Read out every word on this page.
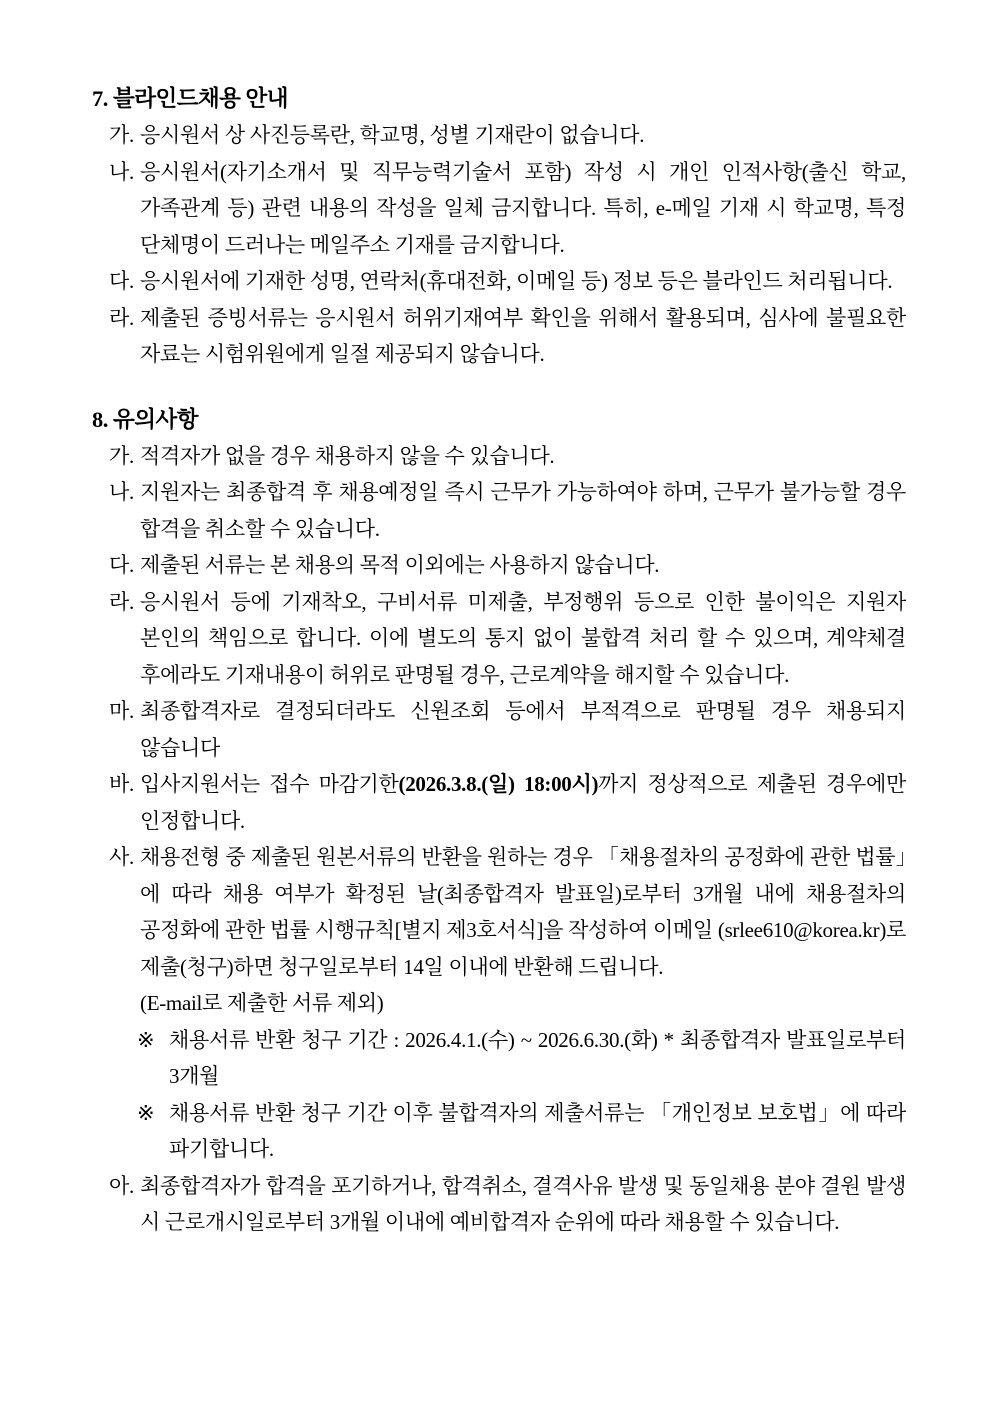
7. 블라인드채용 안내
가. 응시원서 상 사진등록란, 학교명, 성별 기재란이 없습니다.
나. 응시원서(자기소개서 및 직무능력기술서 포함) 작성 시 개인 인적사항(출신 학교, 가족관계 등) 관련 내용의 작성을 일체 금지합니다. 특히, e-메일 기재 시 학교명, 특정 단체명이 드러나는 메일주소 기재를 금지합니다.
다. 응시원서에 기재한 성명, 연락처(휴대전화, 이메일 등) 정보 등은 블라인드 처리됩니다.
라. 제출된 증빙서류는 응시원서 허위기재여부 확인을 위해서 활용되며, 심사에 불필요한 자료는 시험위원에게 일절 제공되지 않습니다.
8. 유의사항
가. 적격자가 없을 경우 채용하지 않을 수 있습니다.
나. 지원자는 최종합격 후 채용예정일 즉시 근무가 가능하여야 하며, 근무가 불가능할 경우 합격을 취소할 수 있습니다.
다. 제출된 서류는 본 채용의 목적 이외에는 사용하지 않습니다.
라. 응시원서 등에 기재착오, 구비서류 미제출, 부정행위 등으로 인한 불이익은 지원자 본인의 책임으로 합니다. 이에 별도의 통지 없이 불합격 처리 할 수 있으며, 계약체결 후에라도 기재내용이 허위로 판명될 경우, 근로계약을 해지할 수 있습니다.
마. 최종합격자로 결정되더라도 신원조회 등에서 부적격으로 판명될 경우 채용되지 않습니다
바. 입사지원서는 접수 마감기한(2026.3.8.(일) 18:00시)까지 정상적으로 제출된 경우에만 인정합니다.
사. 채용전형 중 제출된 원본서류의 반환을 원하는 경우 「채용절차의 공정화에 관한 법률」에 따라 채용 여부가 확정된 날(최종합격자 발표일)로부터 3개월 내에 채용절차의 공정화에 관한 법률 시행규칙[별지 제3호서식]을 작성하여 이메일 (srlee610@korea.kr)로 제출(청구)하면 청구일로부터 14일 이내에 반환해 드립니다.
(E-mail로 제출한 서류 제외)
※ 채용서류 반환 청구 기간 : 2026.4.1.(수) ~ 2026.6.30.(화) * 최종합격자 발표일로부터 3개월
※ 채용서류 반환 청구 기간 이후 불합격자의 제출서류는 「개인정보 보호법」에 따라 파기합니다.
아. 최종합격자가 합격을 포기하거나, 합격취소, 결격사유 발생 및 동일채용 분야 결원 발생 시 근로개시일로부터 3개월 이내에 예비합격자 순위에 따라 채용할 수 있습니다.
